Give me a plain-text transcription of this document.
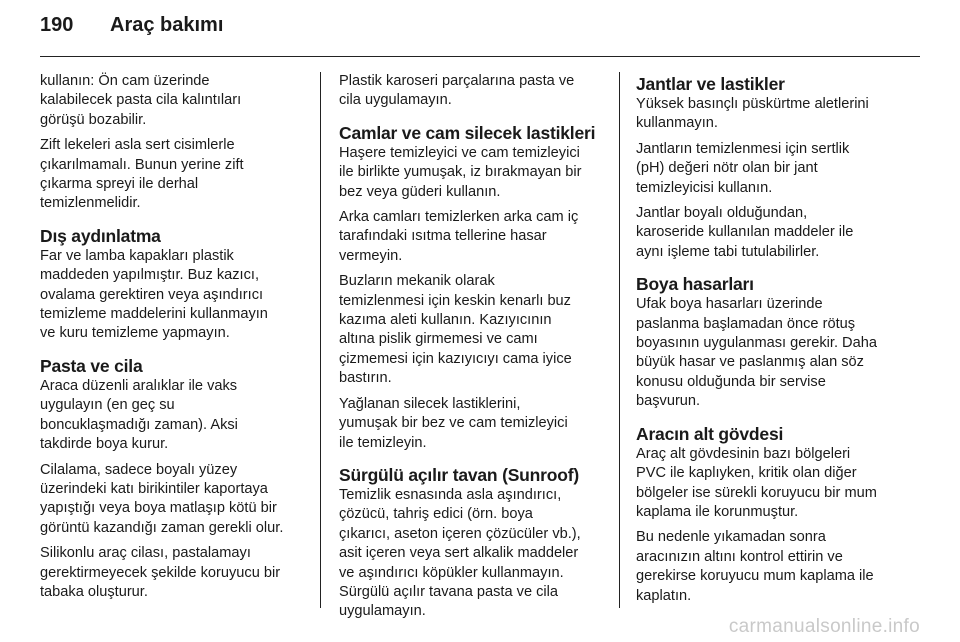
190	Araç bakımı

kullanın: Ön cam üzerinde
kalabilecek pasta cila kalıntıları
görüşü bozabilir.

Zift lekeleri asla sert cisimlerle
çıkarılmamalı. Bunun yerine zift
çıkarma spreyi ile derhal
temizlenmelidir.

Dış aydınlatma

Far ve lamba kapakları plastik
maddeden yapılmıştır. Buz kazıcı,
ovalama gerektiren veya aşındırıcı
temizleme maddelerini kullanmayın
ve kuru temizleme yapmayın.

Pasta ve cila

Araca düzenli aralıklar ile vaks
uygulayın (en geç su
boncuklaşmadığı zaman). Aksi
takdirde boya kurur.

Cilalama, sadece boyalı yüzey
üzerindeki katı birikintiler kaportaya
yapıştığı veya boya matlaşıp kötü bir
görüntü kazandığı zaman gerekli olur.

Silikonlu araç cilası, pastalamayı
gerektirmeyecek şekilde koruyucu bir
tabaka oluşturur.

Plastik karoseri parçalarına pasta ve
cila uygulamayın.

Camlar ve cam silecek lastikleri

Haşere temizleyici ve cam temizleyici
ile birlikte yumuşak, iz bırakmayan bir
bez veya güderi kullanın.

Arka camları temizlerken arka cam iç
tarafındaki ısıtma tellerine hasar
vermeyin.

Buzların mekanik olarak
temizlenmesi için keskin kenarlı buz
kazıma aleti kullanın. Kazıyıcının
altına pislik girmemesi ve camı
çizmemesi için kazıyıcıyı cama iyice
bastırın.

Yağlanan silecek lastiklerini,
yumuşak bir bez ve cam temizleyici
ile temizleyin.

Sürgülü açılır tavan (Sunroof)

Temizlik esnasında asla aşındırıcı,
çözücü, tahriş edici (örn. boya
çıkarıcı, aseton içeren çözücüler vb.),
asit içeren veya sert alkalik maddeler
ve aşındırıcı köpükler kullanmayın.
Sürgülü açılır tavana pasta ve cila
uygulamayın.

Jantlar ve lastikler

Yüksek basınçlı püskürtme aletlerini
kullanmayın.

Jantların temizlenmesi için sertlik
(pH) değeri nötr olan bir jant
temizleyicisi kullanın.

Jantlar boyalı olduğundan,
karoseride kullanılan maddeler ile
aynı işleme tabi tutulabilirler.

Boya hasarları

Ufak boya hasarları üzerinde
paslanma başlamadan önce rötuş
boyasının uygulanması gerekir. Daha
büyük hasar ve paslanmış alan söz
konusu olduğunda bir servise
başvurun.

Aracın alt gövdesi

Araç alt gövdesinin bazı bölgeleri
PVC ile kaplıyken, kritik olan diğer
bölgeler ise sürekli koruyucu bir mum
kaplama ile korunmuştur.

Bu nedenle yıkamadan sonra
aracınızın altını kontrol ettirin ve
gerekirse koruyucu mum kaplama ile
kaplatın.

carmanualsonline.info
